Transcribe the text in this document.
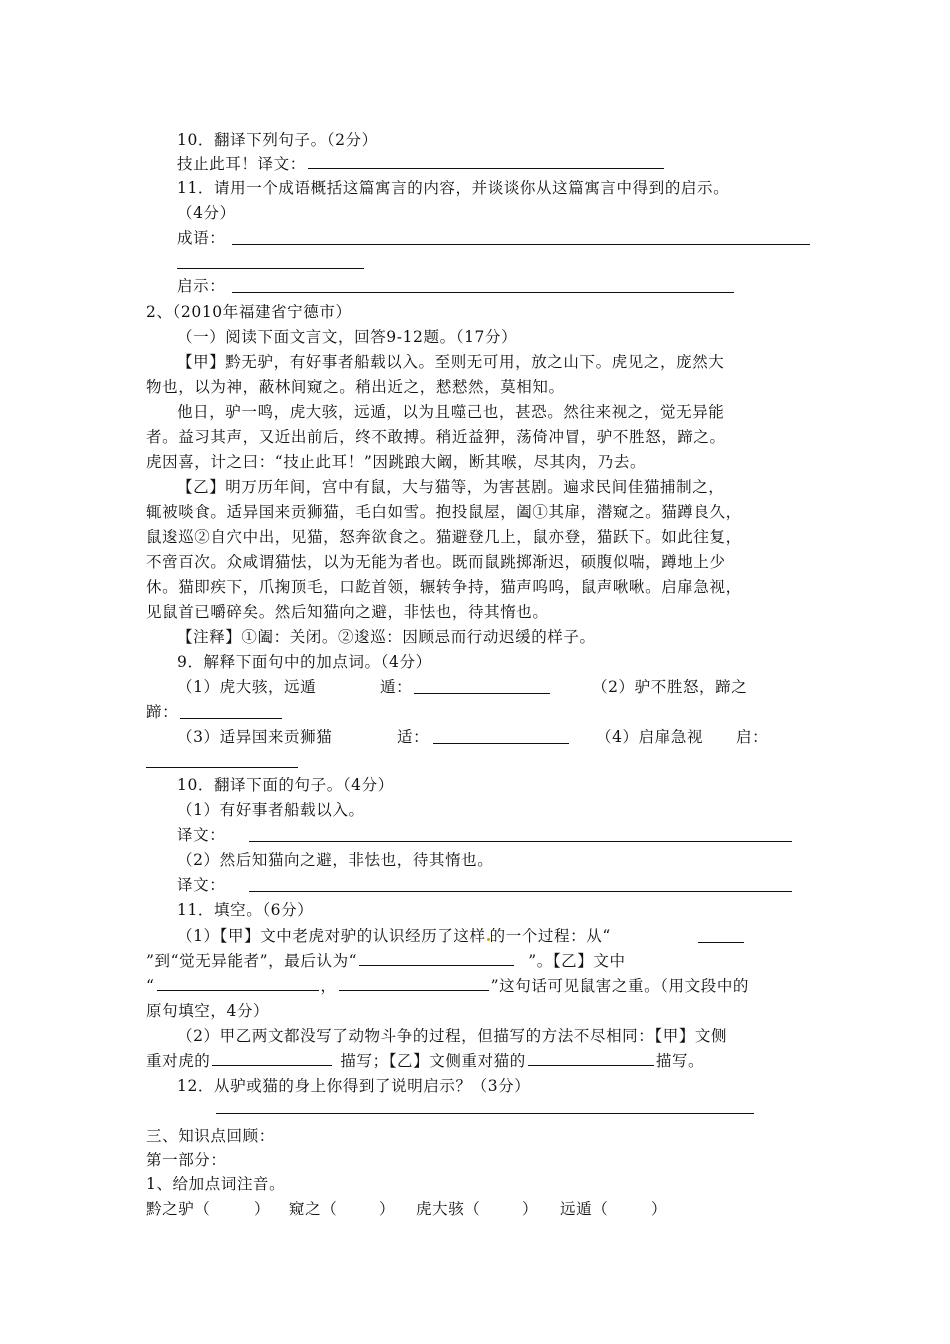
10．翻译下列句子。（2分）
技止此耳！译文：
11．请用一个成语概括这篇寓言的内容，并谈谈你从这篇寓言中得到的启示。
（4分）
成语：
启示：
2、（2010年福建省宁德市）
（一）阅读下面文言文，回答9-12题。（17分）
【甲】黔无驴，有好事者船载以入。至则无可用，放之山下。虎见之，庞然大
物也，以为神，蔽林间窥之。稍出近之，慭慭然，莫相知。
他日，驴一鸣，虎大骇，远遁，以为且噬己也，甚恐。然往来视之，觉无异能
者。益习其声，又近出前后，终不敢搏。稍近益狎，荡倚冲冒，驴不胜怒，蹄之。
虎因喜，计之曰：“技止此耳！”因跳踉大阚，断其喉，尽其肉，乃去。
【乙】明万历年间，宫中有鼠，大与猫等，为害甚剧。遍求民间佳猫捕制之，
辄被啖食。适异国来贡狮猫，毛白如雪。抱投鼠屋，阖①其扉，潜窥之。猫蹲良久，
鼠逡巡②自穴中出，见猫，怒奔欲食之。猫避登几上，鼠亦登，猫跃下。如此往复，
不啻百次。众咸谓猫怯，以为无能为者也。既而鼠跳掷渐迟，硕腹似喘，蹲地上少
休。猫即疾下，爪掬顶毛，口龁首领，辗转争持，猫声呜呜，鼠声啾啾。启扉急视，
见鼠首已嚼碎矣。然后知猫向之避，非怯也，待其惰也。
【注释】①阖：关闭。②逡巡：因顾忌而行动迟缓的样子。
9．解释下面句中的加点词。（4分）
（1）虎大骇，远遁	遁：	（2）驴不胜怒，蹄之
蹄：
（3）适异国来贡狮猫	适：	（4）启扉急视 启：
10．翻译下面的句子。（4分）
（1）有好事者船载以入。
译文：
（2）然后知猫向之避，非怯也，待其惰也。
译文：
11．填空。（6分）
（1）【甲】文中老虎对驴的认识经历了这样 的一个过程：从“
”到“觉无异能者”，最后认为“	”。【乙】文中
“	，	”这句话可见鼠害之重。（用文段中的
原句填空，4分）
（2）甲乙两文都没写了动物斗争的过程，但描写的方法不尽相同：【甲】文侧
重对虎的	描写；【乙】文侧重对猫的	描写。
12．从驴或猫的身上你得到了说明启示？（3分）
三、知识点回顾：
第一部分：
1、给加点词注音。
黔之驴（	） 窥之（	） 虎大骇（	） 远遁（	）
